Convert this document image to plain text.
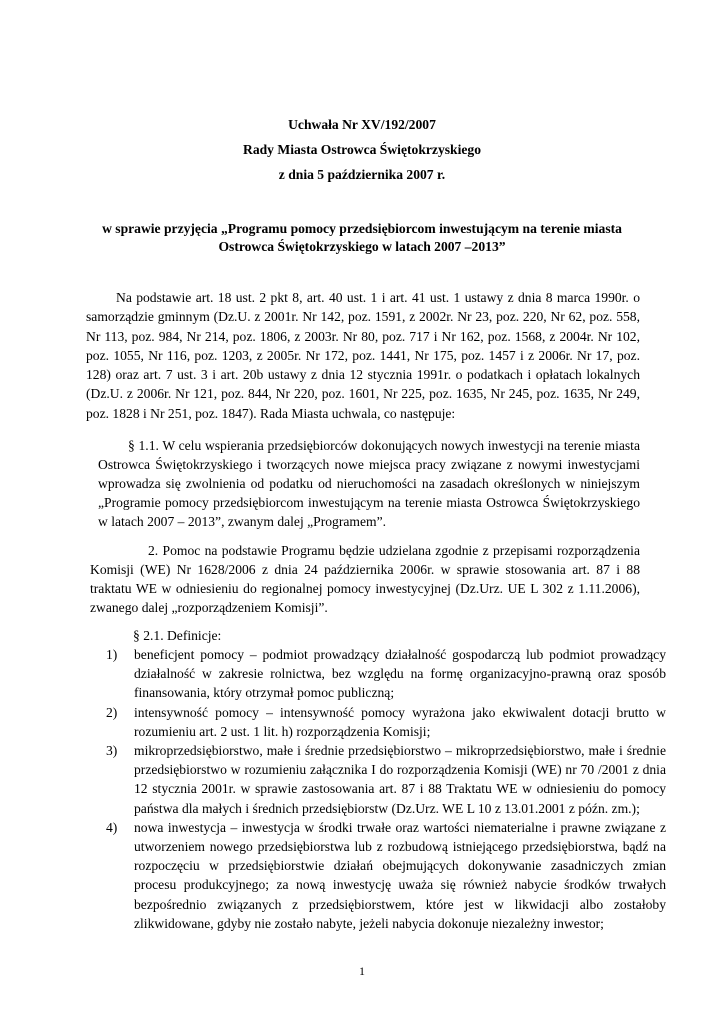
Uchwała Nr XV/192/2007
Rady Miasta Ostrowca Świętokrzyskiego
z dnia 5 października 2007 r.
w sprawie przyjęcia „Programu pomocy przedsiębiorcom inwestującym na terenie miasta Ostrowca Świętokrzyskiego w latach 2007 –2013”
Na podstawie art. 18 ust. 2 pkt 8, art. 40 ust. 1 i art. 41 ust. 1 ustawy z dnia 8 marca 1990r. o samorządzie gminnym (Dz.U. z 2001r. Nr 142, poz. 1591, z 2002r. Nr 23, poz. 220, Nr 62, poz. 558, Nr 113, poz. 984, Nr 214, poz. 1806, z 2003r. Nr 80, poz. 717 i Nr 162, poz. 1568, z 2004r. Nr 102, poz. 1055, Nr 116, poz. 1203, z 2005r. Nr 172, poz. 1441, Nr 175, poz. 1457 i z 2006r. Nr 17, poz. 128) oraz art. 7 ust. 3 i art. 20b ustawy z dnia 12 stycznia 1991r. o podatkach i opłatach lokalnych (Dz.U. z 2006r. Nr 121, poz. 844, Nr 220, poz. 1601, Nr 225, poz. 1635, Nr 245, poz. 1635, Nr 249, poz. 1828 i Nr 251, poz. 1847). Rada Miasta uchwala, co następuje:
§ 1.1. W celu wspierania przedsiębiorców dokonujących nowych inwestycji na terenie miasta Ostrowca Świętokrzyskiego i tworzących nowe miejsca pracy związane z nowymi inwestycjami wprowadza się zwolnienia od podatku od nieruchomości na zasadach określonych w niniejszym „Programie pomocy przedsiębiorcom inwestującym na terenie miasta Ostrowca Świętokrzyskiego w latach 2007 – 2013”, zwanym dalej „Programem”.
2. Pomoc na podstawie Programu będzie udzielana zgodnie z przepisami rozporządzenia Komisji (WE) Nr 1628/2006 z dnia 24 października 2006r. w sprawie stosowania art. 87 i 88 traktatu WE w odniesieniu do regionalnej pomocy inwestycyjnej (Dz.Urz. UE L 302 z 1.11.2006), zwanego dalej „rozporządzeniem Komisji”.
§ 2.1. Definicje:
1) beneficjent pomocy – podmiot prowadzący działalność gospodarczą lub podmiot prowadzący działalność w zakresie rolnictwa, bez względu na formę organizacyjno-prawną oraz sposób finansowania, który otrzymał pomoc publiczną;
2) intensywność pomocy – intensywność pomocy wyrażona jako ekwiwalent dotacji brutto w rozumieniu art. 2 ust. 1 lit. h) rozporządzenia Komisji;
3) mikroprzedsiębiorstwo, małe i średnie przedsiębiorstwo – mikroprzedsiębiorstwo, małe i średnie przedsiębiorstwo w rozumieniu załącznika I do rozporządzenia Komisji (WE) nr 70 /2001 z dnia 12 stycznia 2001r. w sprawie zastosowania art. 87 i 88 Traktatu WE w odniesieniu do pomocy państwa dla małych i średnich przedsiębiorstw (Dz.Urz. WE L 10 z 13.01.2001 z późn. zm.);
4) nowa inwestycja – inwestycja w środki trwałe oraz wartości niematerialne i prawne związane z utworzeniem nowego przedsiębiorstwa lub z rozbudową istniejącego przedsiębiorstwa, bądź na rozpoczęciu w przedsiębiorstwie działań obejmujących dokonywanie zasadniczych zmian procesu produkcyjnego; za nową inwestycję uważa się również nabycie środków trwałych bezpośrednio związanych z przedsiębiorstwem, które jest w likwidacji albo zostałoby zlikwidowane, gdyby nie zostało nabyte, jeżeli nabycia dokonuje niezależny inwestor;
1
